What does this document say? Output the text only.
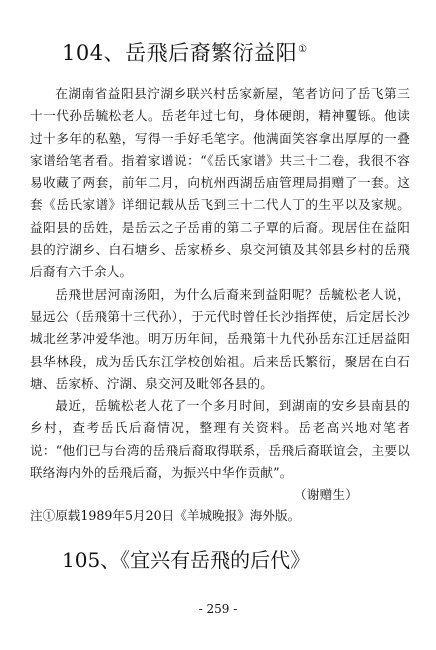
104、岳飛后裔繁衍益阳①

在湖南省益阳县泞湖乡联兴村岳家新屋，笔者访问了岳飞第三十一代孙岳毓松老人。岳老年过七旬，身体硬朗，精神矍铄。他读过十多年的私塾，写得一手好毛笔字。他满面笑容拿出厚厚的一叠家谱给笔者看。指着家谱说：“《岳氏家谱》共三十二卷，我很不容易收藏了两套，前年二月，向杭州西湖岳庙管理局捐赠了一套。这套《岳氏家谱》详细记载从岳飞到三十二代人丁的生平以及家规。益阳县的岳姓，是岳云之子岳甫的第二子覃的后裔。现居住在益阳县的泞湖乡、白石塘乡、岳家桥乡、泉交河镇及其邻县乡村的岳飛后裔有六千余人。

岳飛世居河南汤阳，为什么后裔来到益阳呢？岳毓松老人说，显远公（岳飛第十三代孙），于元代时曾任长沙指挥使，后定居长沙城北丝茅冲爱华池。明万历年间，岳飛第十九代孙岳东江迁居益阳县华林段，成为岳氏东江学校创始祖。后来岳氏繁衍，聚居在白石塘、岳家桥、泞湖、泉交河及毗邻各县的。

最近，岳毓松老人花了一个多月时间，到湖南的安乡县南县的乡村，查考岳氏后裔情况，整理有关资料。岳老高兴地对笔者说：“他们已与台湾的岳飛后裔取得联系，岳飛后裔联谊会，主要以联络海内外的岳飛后裔，为振兴中华作贡献”。
（谢赠生）

注①原载1989年5月20日《羊城晚报》海外版。
105、《宜兴有岳飛的后代》
- 259 -
